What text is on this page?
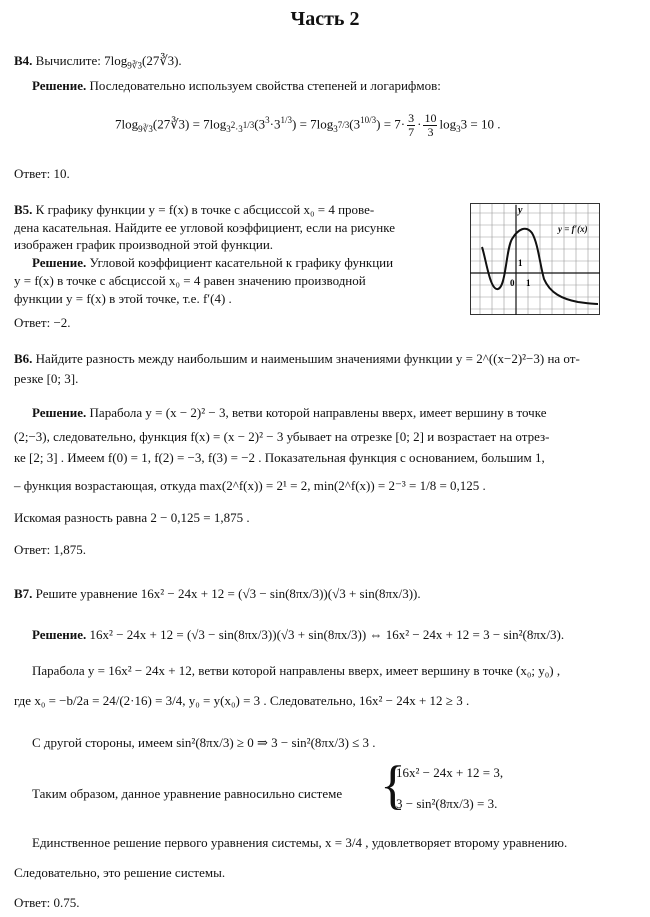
Часть 2
B4. Вычислите: $7\log_{9∛3}(27∛3)$.
Решение. Последовательно используем свойства степеней и логарифмов:
$7\log_{9∛3}(27∛3) = 7\log_{3^2\cdot 3^{1/3}}(3^3\cdot 3^{1/3}) = 7\log_{3^{7/3}}(3^{10/3}) = 7\cdot \frac{3}{7} \cdot \frac{10}{3} \log_33 = 10$ .
Ответ: 10.
B5. К графику функции y = f(x) в точке с абсциссой x₀ = 4 прове-
дена касательная. Найдите ее угловой коэффициент, если на рисунке
изображен график производной этой функции.
Решение. Угловой коэффициент касательной к графику функции
y = f(x) в точке с абсциссой x₀ = 4 равен значению производной
функции y = f(x) в этой точке, т.е. f′(4) .
Ответ: −2.
y
y = f′(x)
0 1
1
B6. Найдите разность между наибольшим и наименьшим значениями функции y = 2^((x−2)²−3) на от-
резке [0; 3].
Решение. Парабола y = (x − 2)² − 3, ветви которой направлены вверх, имеет вершину в точке
(2;−3), следовательно, функция f(x) = (x − 2)² − 3 убывает на отрезке [0; 2] и возрастает на отрез-
ке [2; 3] . Имеем f(0) = 1, f(2) = −3, f(3) = −2 . Показательная функция с основанием, большим 1,
– функция возрастающая, откуда max(2^f(x)) = 2¹ = 2, min(2^f(x)) = 2⁻³ = 1/8 = 0,125 .
Искомая разность равна 2 − 0,125 = 1,875 .
Ответ: 1,875.
B7. Решите уравнение 16x² − 24x + 12 = (√3 − sin(8πx/3))(√3 + sin(8πx/3)).
Решение. 16x² − 24x + 12 = (√3 − sin(8πx/3))(√3 + sin(8πx/3)) ⇔ 16x² − 24x + 12 = 3 − sin²(8πx/3).
Парабола y = 16x² − 24x + 12, ветви которой направлены вверх, имеет вершину в точке (x₀; y₀) ,
где x₀ = −b/2a = 24/(2·16) = 3/4, y₀ = y(x₀) = 3 . Следовательно, 16x² − 24x + 12 ≥ 3 .
С другой стороны, имеем sin²(8πx/3) ≥ 0 ⇒ 3 − sin²(8πx/3) ≤ 3 .
Таким образом, данное уравнение равносильно системе {
16x² − 24x + 12 = 3,
3 − sin²(8πx/3) = 3.
Единственное решение первого уравнения системы, x = 3/4 , удовлетворяет второму уравнению.
Следовательно, это решение системы.
Ответ: 0.75.
